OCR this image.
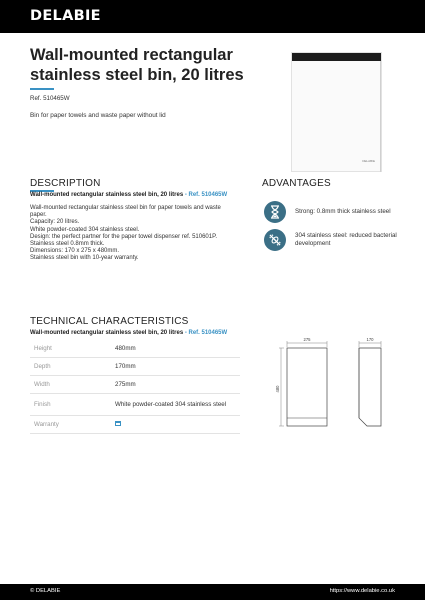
DELABIE
Wall-mounted rectangular
stainless steel bin, 20 litres
Ref. 510465W
Bin for paper towels and waste paper without lid
DELABIE
DESCRIPTION
Wall-mounted rectangular stainless steel bin, 20 litres - Ref. 510465W
Wall-mounted rectangular stainless steel bin for paper towels and waste
paper.
Capacity: 20 litres.
White powder-coated 304 stainless steel.
Design: the perfect partner for the paper towel dispenser ref. 510601P.
Stainless steel 0.8mm thick.
Dimensions: 170 x 275 x 480mm.
Stainless steel bin with 10-year warranty.
ADVANTAGES
Strong: 0.8mm thick stainless steel
304 stainless steel: reduced bacterial development
TECHNICAL CHARACTERISTICS
Wall-mounted rectangular stainless steel bin, 20 litres - Ref. 510465W
Height	480mm
Depth	170mm
Width	275mm
Finish	White powder-coated 304 stainless steel
Warranty
275
480
170
© DELABIE	https://www.delabie.co.uk
